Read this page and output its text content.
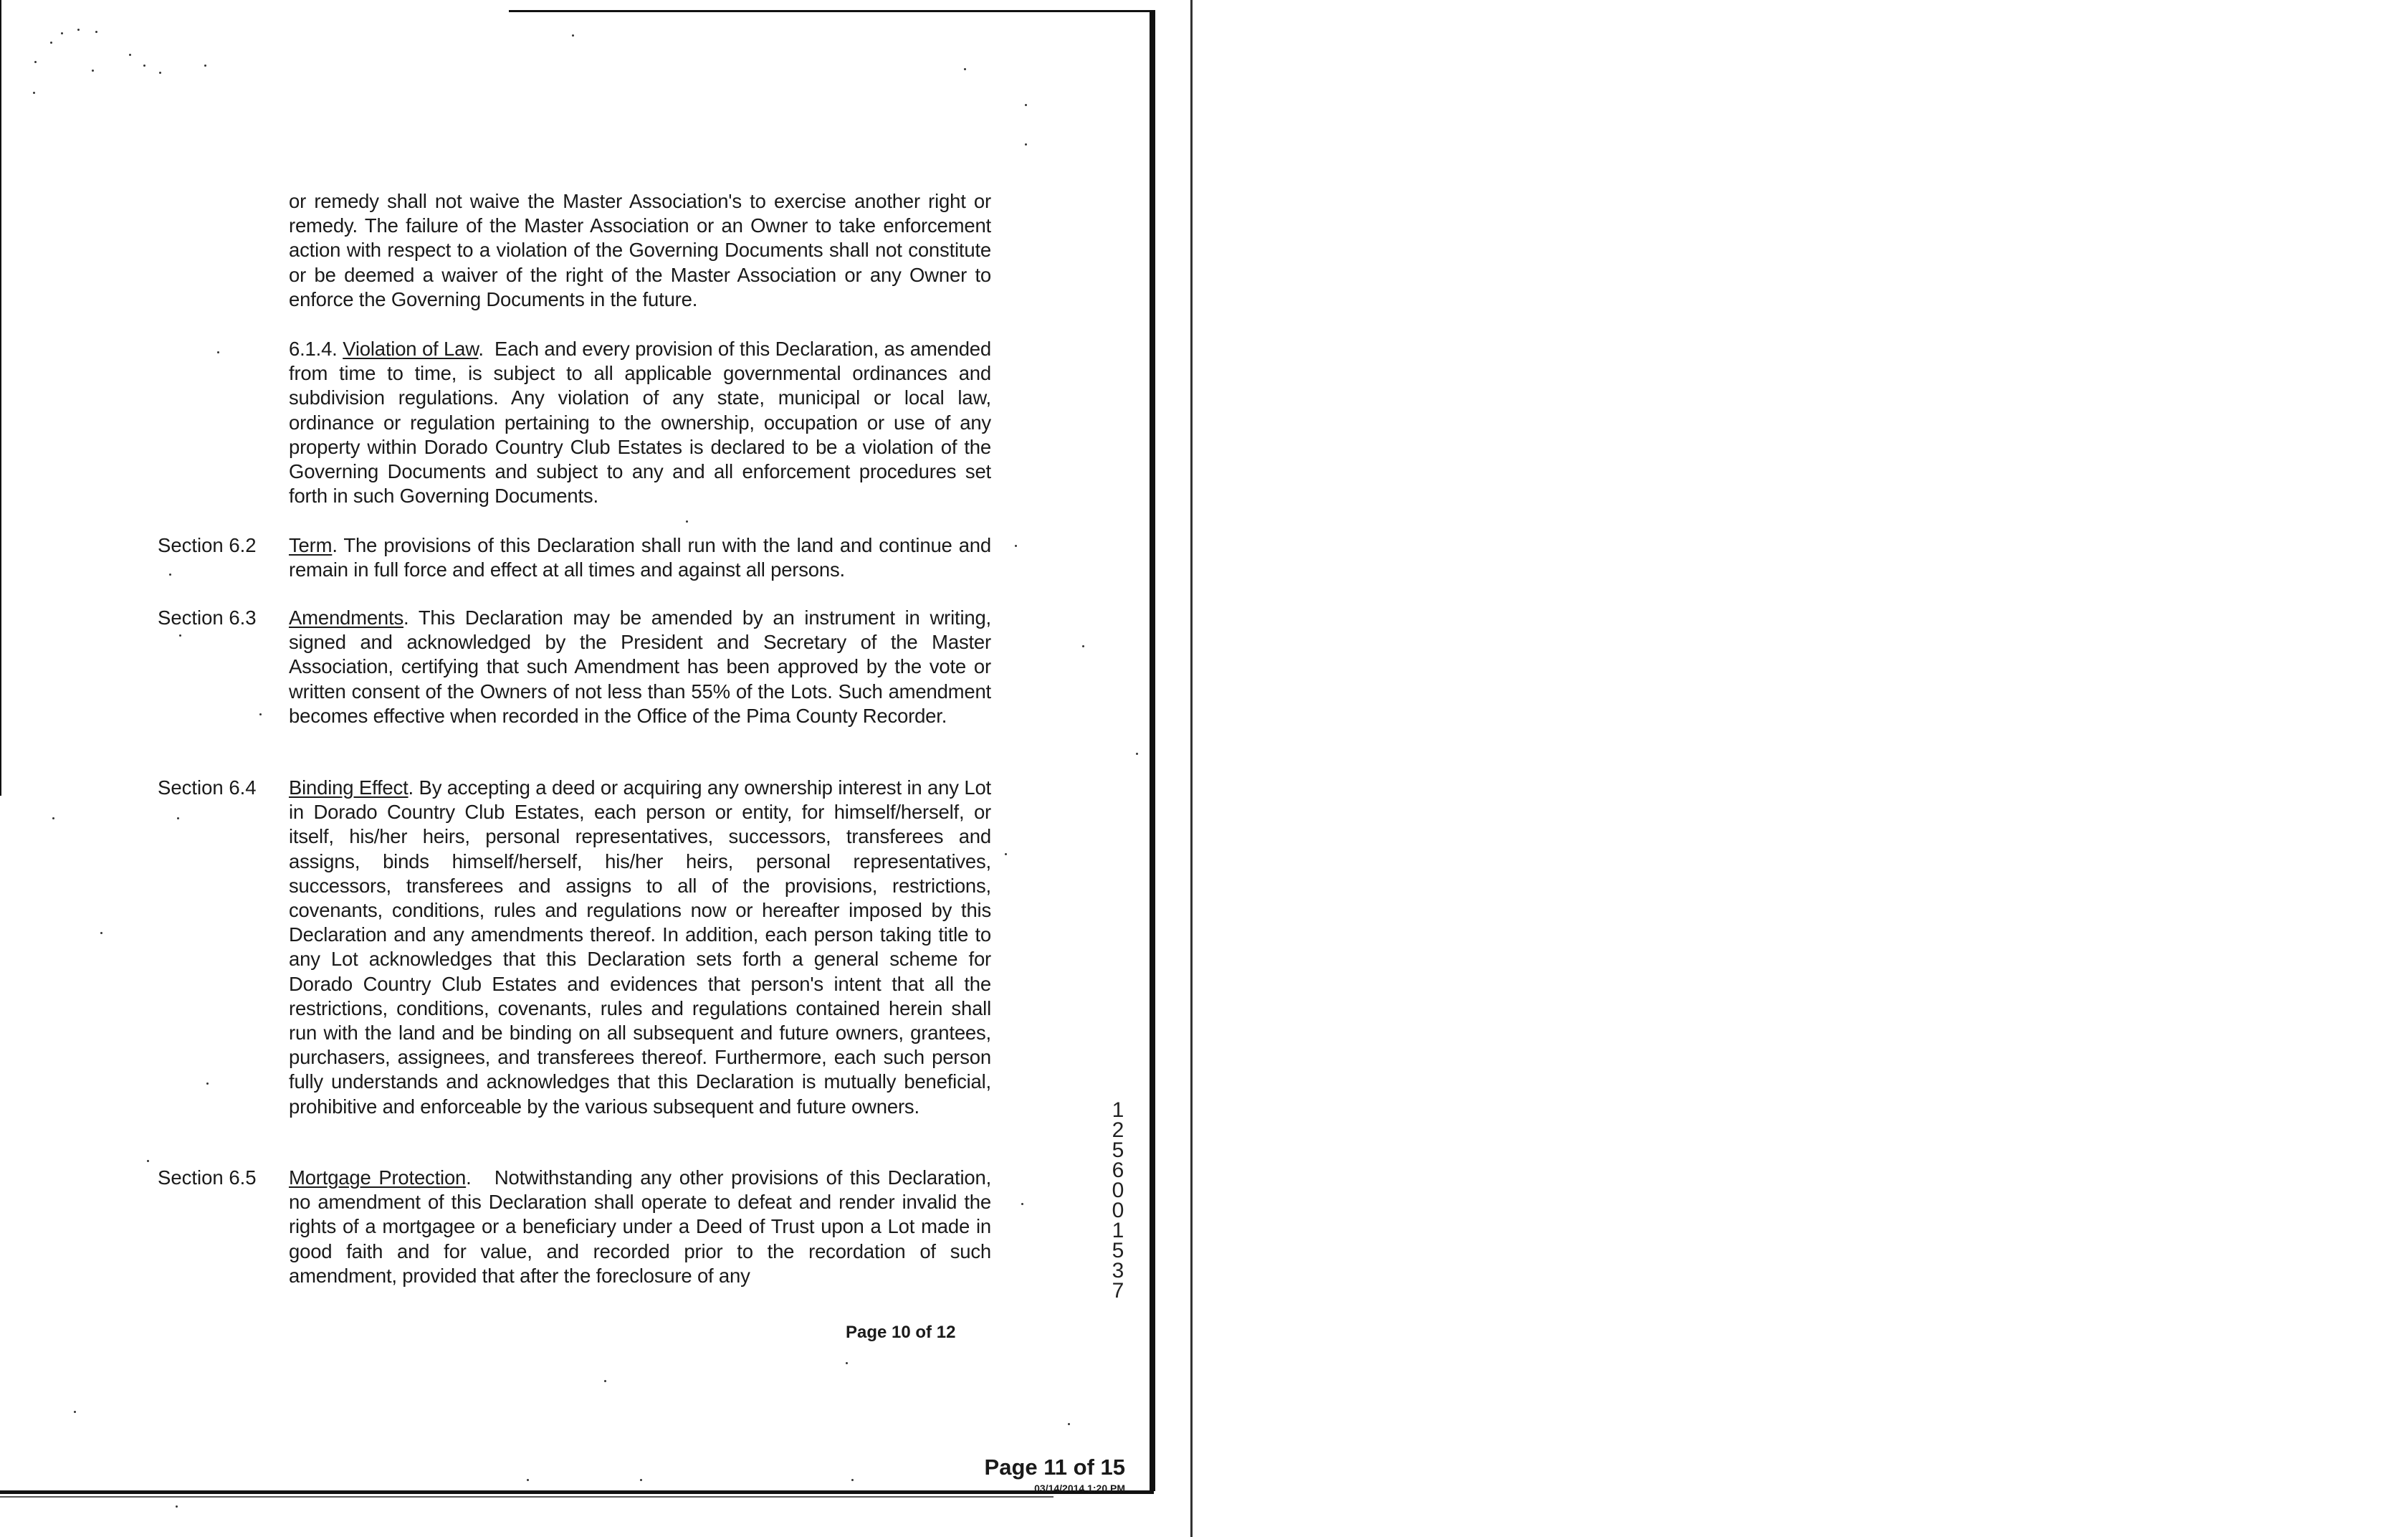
or remedy shall not waive the Master Association's to exercise another right or remedy. The failure of the Master Association or an Owner to take enforcement action with respect to a violation of the Governing Documents shall not constitute or be deemed a waiver of the right of the Master Association or any Owner to enforce the Governing Documents in the future.
6.1.4. Violation of Law.  Each and every provision of this Declaration, as amended from time to time, is subject to all applicable governmental ordinances and subdivision regulations. Any violation of any state, municipal or local law, ordinance or regulation pertaining to the ownership, occupation or use of any property within Dorado Country Club Estates is declared to be a violation of the Governing Documents and subject to any and all enforcement procedures set forth in such Governing Documents.
Section 6.2 Term. The provisions of this Declaration shall run with the land and continue and remain in full force and effect at all times and against all persons.
Section 6.3 Amendments. This Declaration may be amended by an instrument in writing, signed and acknowledged by the President and Secretary of the Master Association, certifying that such Amendment has been approved by the vote or written consent of the Owners of not less than 55% of the Lots. Such amendment becomes effective when recorded in the Office of the Pima County Recorder.
Section 6.4 Binding Effect. By accepting a deed or acquiring any ownership interest in any Lot in Dorado Country Club Estates, each person or entity, for himself/herself, or itself, his/her heirs, personal representatives, successors, transferees and assigns, binds himself/herself, his/her heirs, personal representatives, successors, transferees and assigns to all of the provisions, restrictions, covenants, conditions, rules and regulations now or hereafter imposed by this Declaration and any amendments thereof. In addition, each person taking title to any Lot acknowledges that this Declaration sets forth a general scheme for Dorado Country Club Estates and evidences that person's intent that all the restrictions, conditions, covenants, rules and regulations contained herein shall run with the land and be binding on all subsequent and future owners, grantees, purchasers, assignees, and transferees thereof. Furthermore, each such person fully understands and acknowledges that this Declaration is mutually beneficial, prohibitive and enforceable by the various subsequent and future owners.
Section 6.5 Mortgage Protection.   Notwithstanding any other provisions of this Declaration, no amendment of this Declaration shall operate to defeat and render invalid the rights of a mortgagee or a beneficiary under a Deed of Trust upon a Lot made in good faith and for value, and recorded prior to the recordation of such amendment, provided that after the foreclosure of any
Page 10 of 12
1
2
5
6
0
0
1
5
3
7
Page 11 of 15
03/14/2014 1:20 PM
